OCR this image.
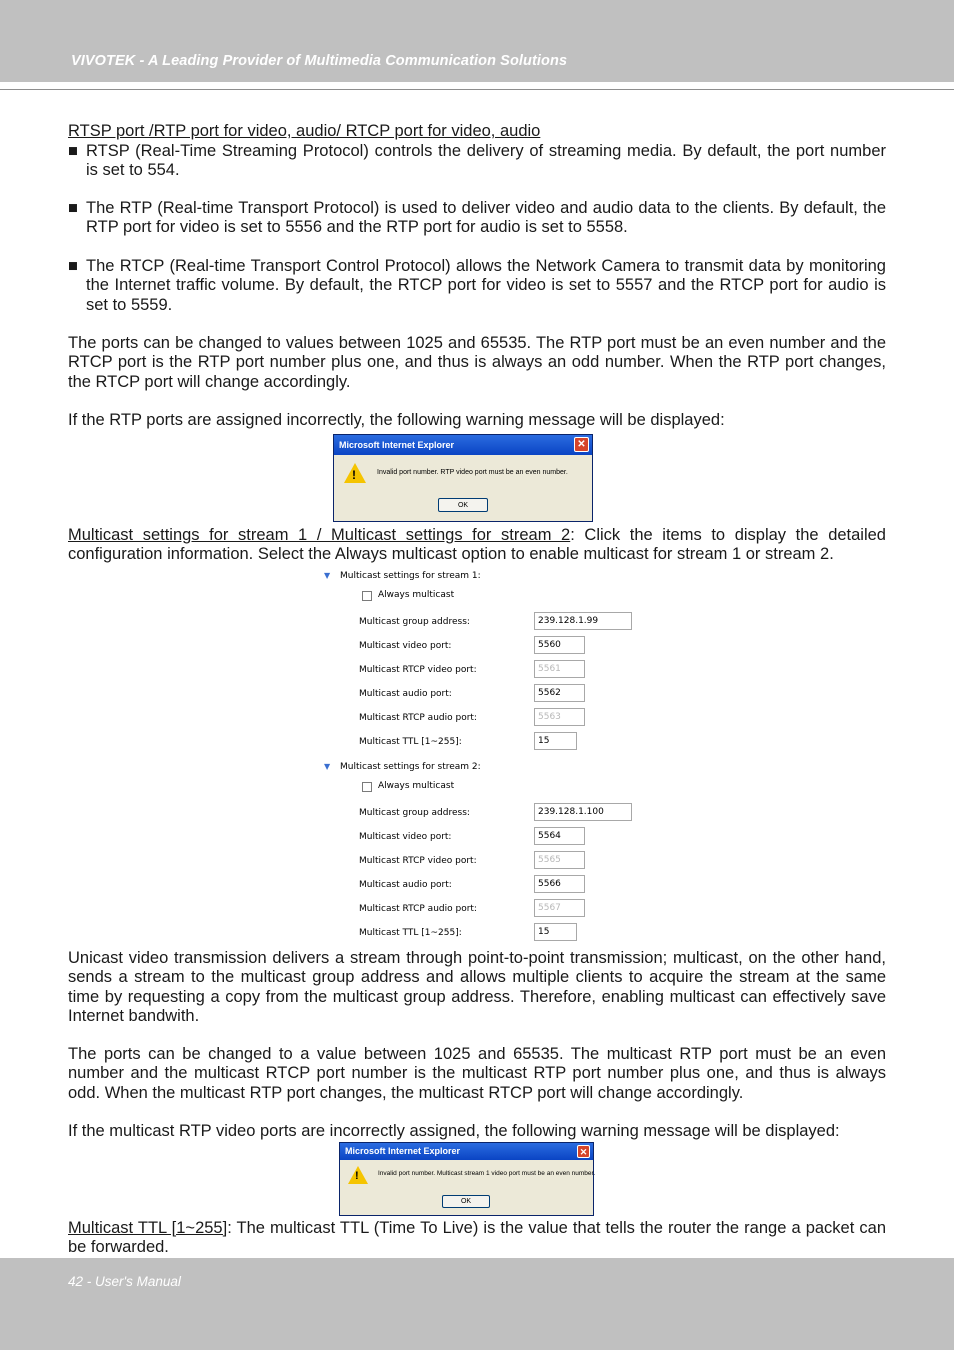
VIVOTEK - A Leading Provider of Multimedia Communication Solutions
RTSP port /RTP port for video, audio/ RTCP port for video, audio
■ RTSP (Real-Time Streaming Protocol) controls the delivery of streaming media. By default, the port number is set to 554.
■ The RTP (Real-time Transport Protocol) is used to deliver video and audio data to the clients. By default, the RTP port for video is set to 5556 and the RTP port for audio is set to 5558.
■ The RTCP (Real-time Transport Control Protocol) allows the Network Camera to transmit data by monitoring the Internet traffic volume. By default, the RTCP port for video is set to 5557 and the RTCP port for audio is set to 5559.
The ports can be changed to values between 1025 and 65535. The RTP port must be an even number and the RTCP port is the RTP port number plus one, and thus is always an odd number. When the RTP port changes, the RTCP port will change accordingly.
If the RTP ports are assigned incorrectly, the following warning message will be displayed:
Microsoft Internet Explorer	✕
!	Invalid port number. RTP video port must be an even number.
OK
Multicast settings for stream 1 / Multicast settings for stream 2: Click the items to display the detailed configuration information. Select the Always multicast option to enable multicast for stream 1 or stream 2.
▼ Multicast settings for stream 1:
Always multicast
Multicast group address:	239.128.1.99
Multicast video port:	5560
Multicast RTCP video port:	5561
Multicast audio port:	5562
Multicast RTCP audio port:	5563
Multicast TTL [1~255]:	15
▼ Multicast settings for stream 2:
Always multicast
Multicast group address:	239.128.1.100
Multicast video port:	5564
Multicast RTCP video port:	5565
Multicast audio port:	5566
Multicast RTCP audio port:	5567
Multicast TTL [1~255]:	15
Unicast video transmission delivers a stream through point-to-point transmission; multicast, on the other hand, sends a stream to the multicast group address and allows multiple clients to acquire the stream at the same time by requesting a copy from the multicast group address. Therefore, enabling multicast can effectively save Internet bandwith.
The ports can be changed to a value between 1025 and 65535. The multicast RTP port must be an even number and the multicast RTCP port number is the multicast RTP port number plus one, and thus is always odd. When the multicast RTP port changes, the multicast RTCP port will change accordingly.
If the multicast RTP video ports are incorrectly assigned, the following warning message will be displayed:
Microsoft Internet Explorer	✕
!	Invalid port number. Multicast stream 1 video port must be an even number.
OK
Multicast TTL [1~255]: The multicast TTL (Time To Live) is the value that tells the router the range a packet can be forwarded.
42 - User's Manual
